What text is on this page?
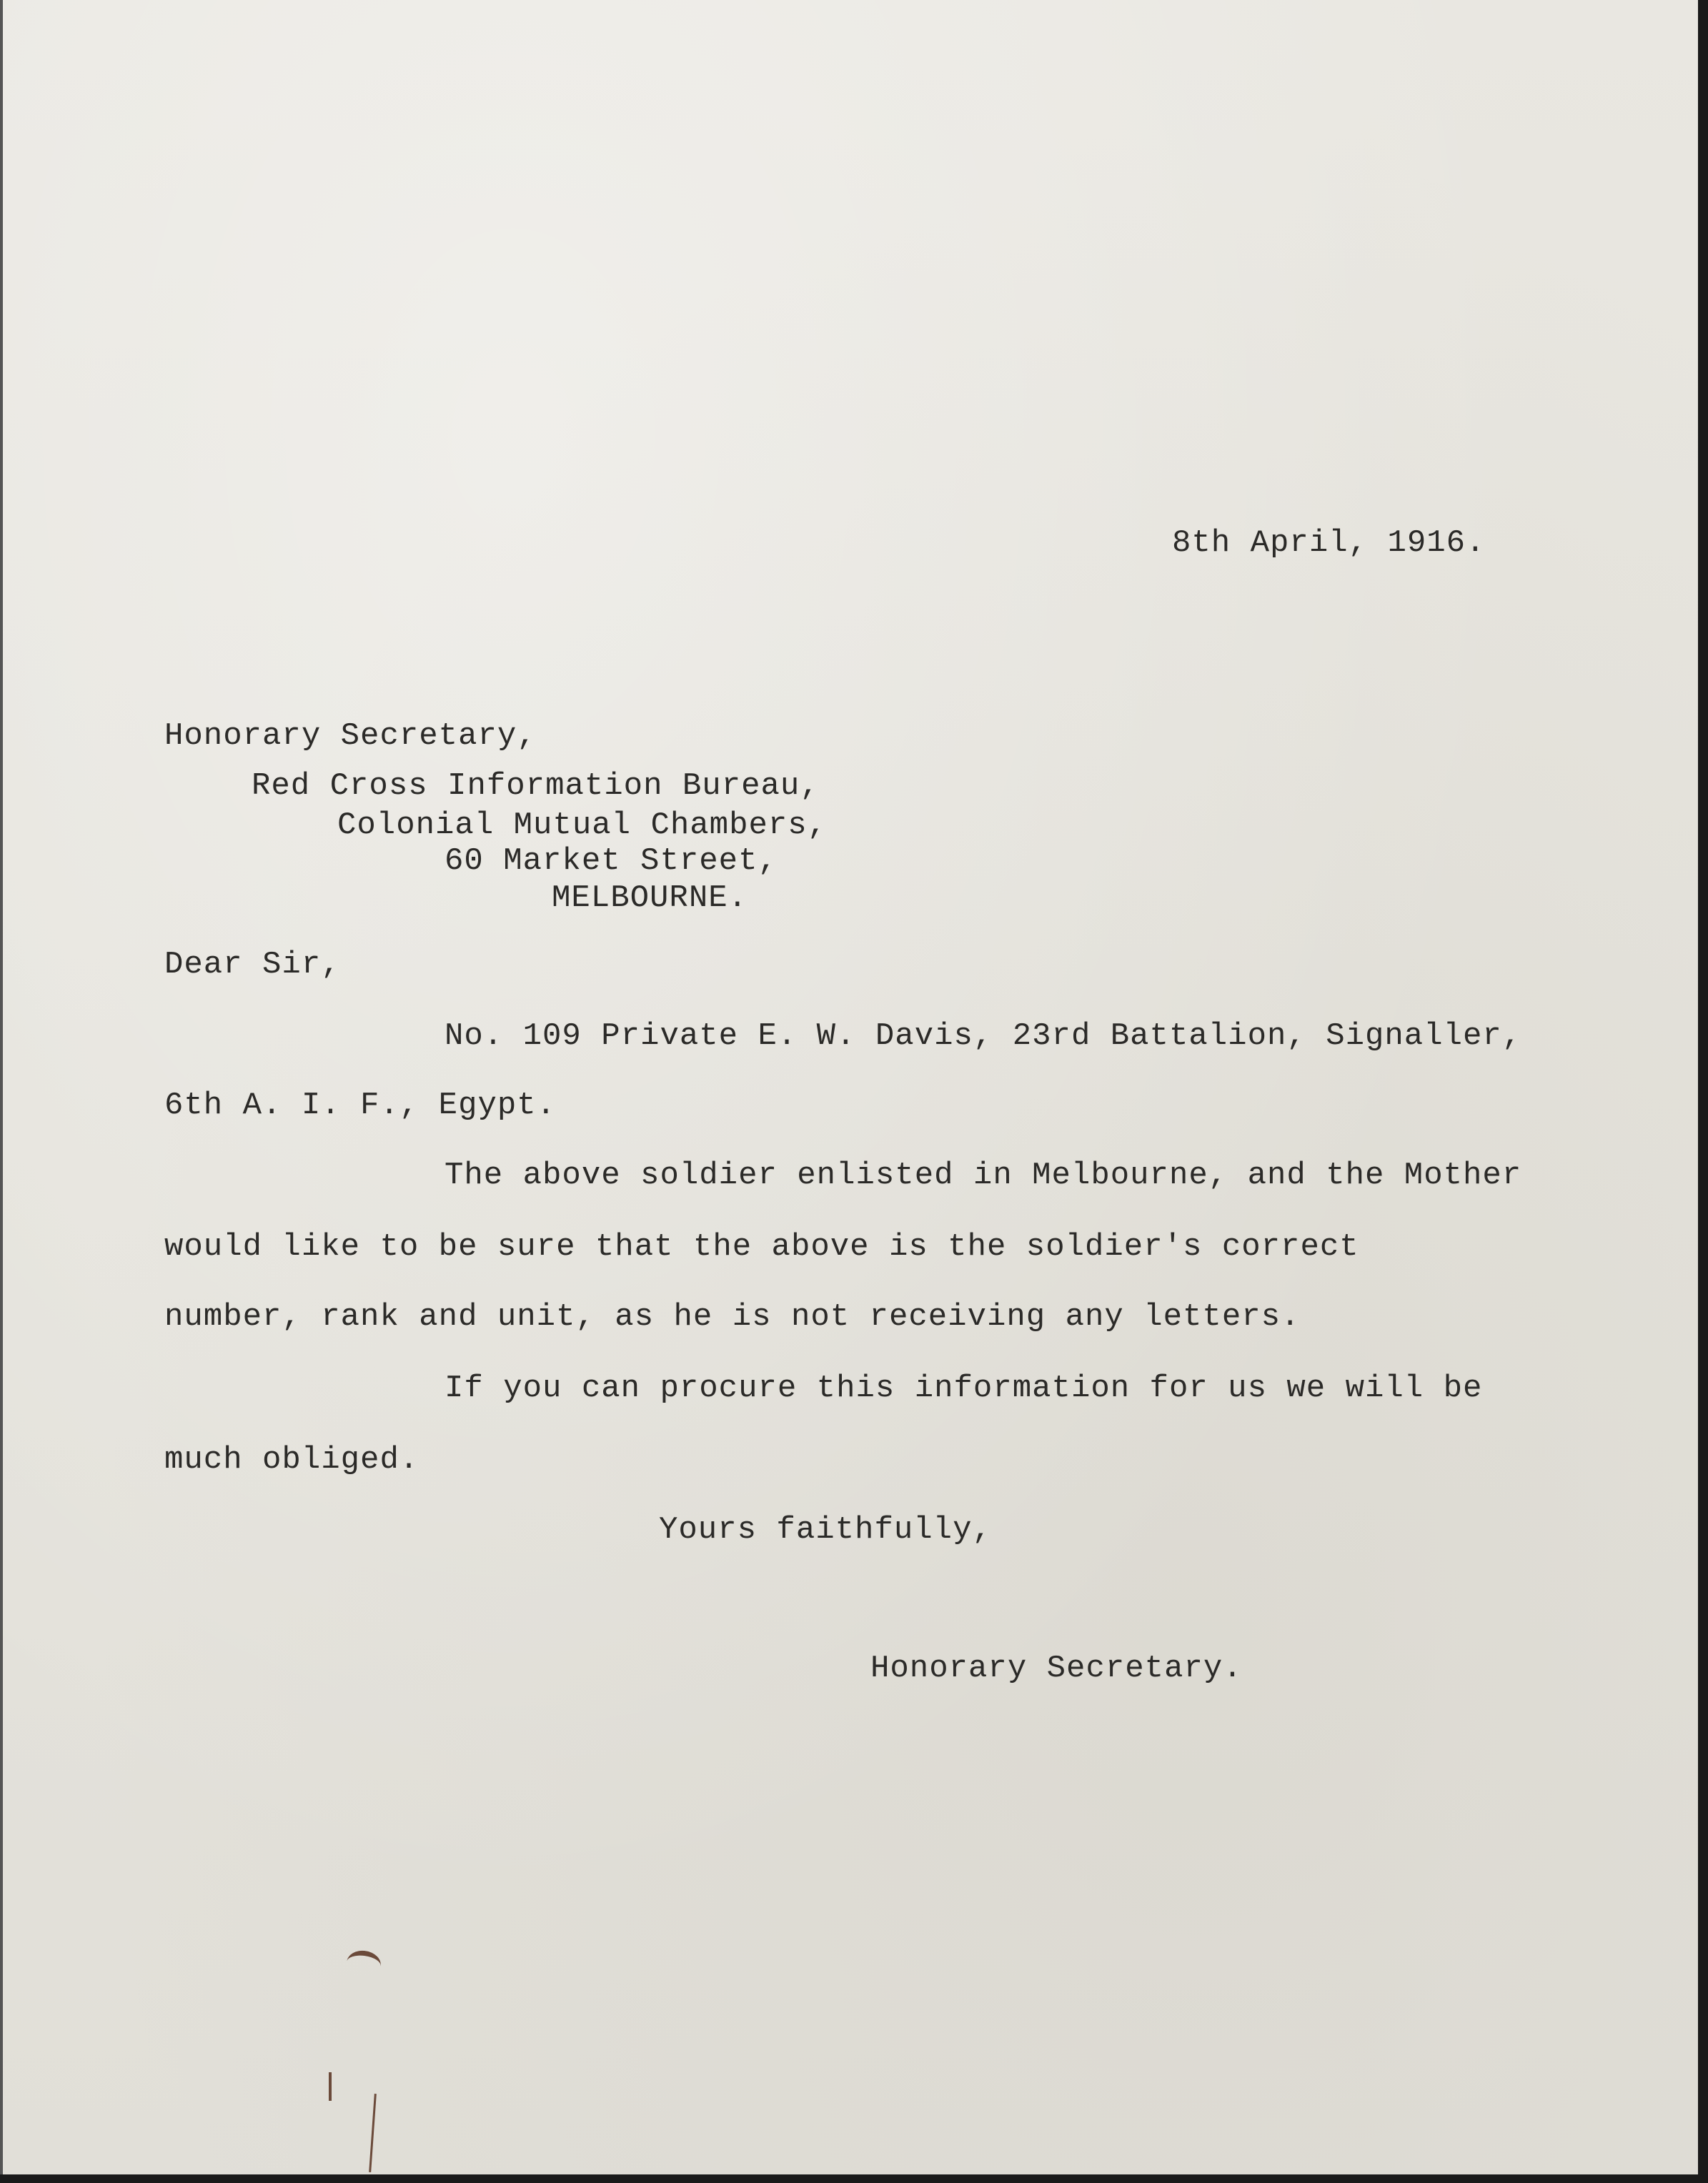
8th April, 1916.
Honorary Secretary,
Red Cross Information Bureau,
Colonial Mutual Chambers,
60 Market Street,
MELBOURNE.
Dear Sir,
No. 109 Private E. W. Davis, 23rd Battalion, Signaller,
6th A. I. F., Egypt.
The above soldier enlisted in Melbourne, and the Mother
would like to be sure that the above is the soldier's correct
number, rank and unit, as he is not receiving any letters.
If you can procure this information for us we will be
much obliged.
Yours faithfully,
Honorary Secretary.
